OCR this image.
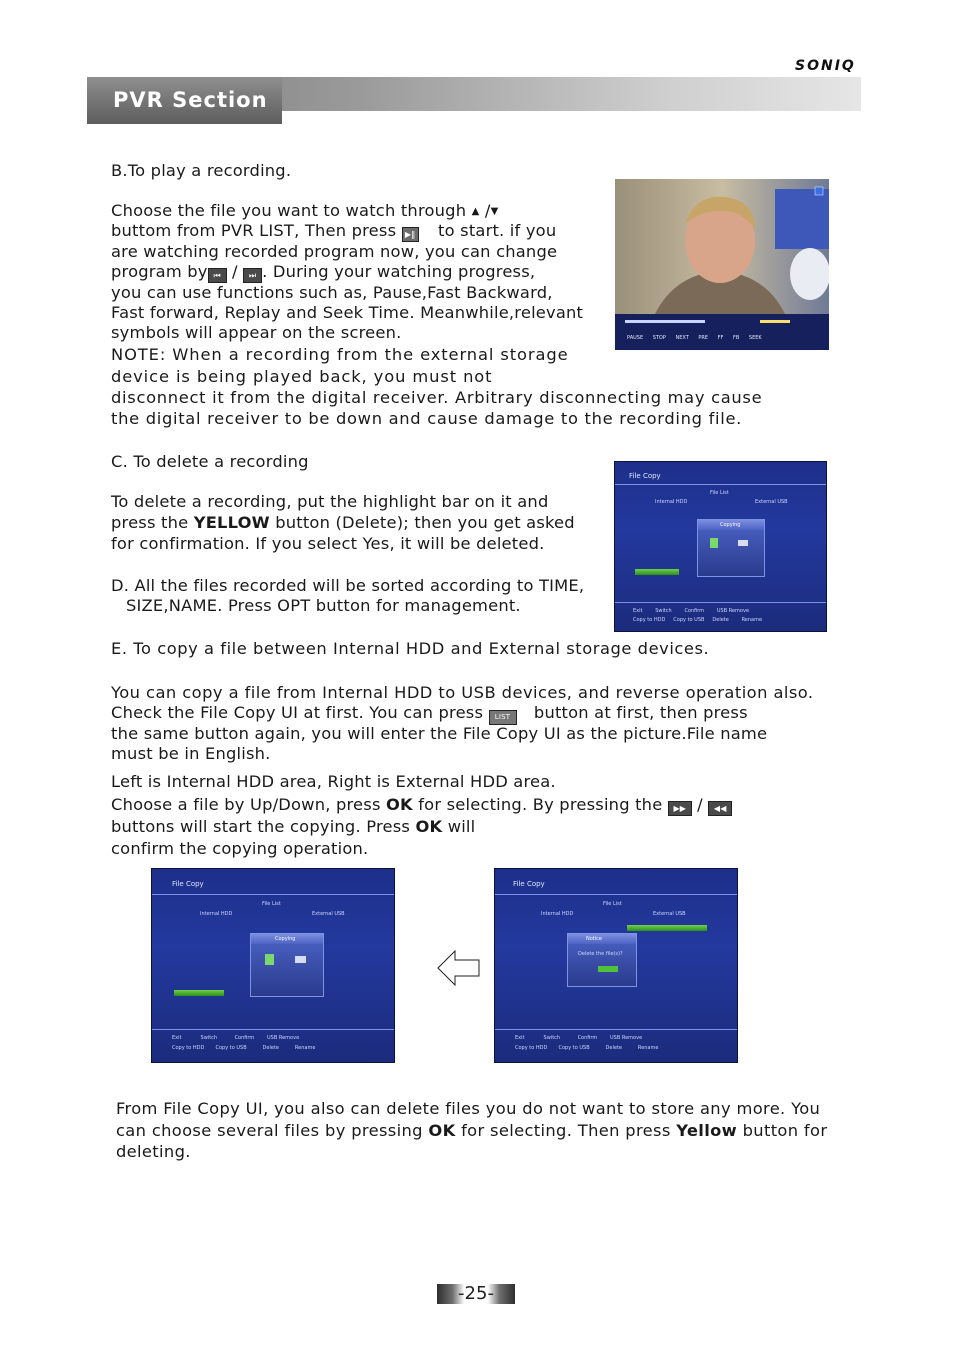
SONIQ
PVR Section
B.To play a recording.
Choose the file you want to watch through ▲ /▼
buttom from PVR LIST, Then press ▶‖ to start. if you
are watching recorded program now, you can change
program by ⏮ / ⏭ . During your watching progress,
you can use functions such as, Pause,Fast Backward,
Fast forward, Replay and Seek Time. Meanwhile,relevant
symbols will appear on the screen.
NOTE: When a recording from the external storage
device is being played back, you must not
disconnect it from the digital receiver. Arbitrary disconnecting may cause
the digital receiver to be down and cause damage to the recording file.
PAUSE STOP NEXT PRE FF FB SEEK
C. To delete a recording
To delete a recording, put the highlight bar on it and
press the YELLOW button (Delete); then you get asked
for confirmation. If you select Yes, it will be deleted.
D. All the files recorded will be sorted according to TIME,
SIZE,NAME. Press OPT button for management.
File Copy
File List
Internal HDD	External USB
Copying
Exit	Switch	Confirm	USB Remove
Copy to HDD Copy to USB Delete	Rename
E. To copy a file between Internal HDD and External storage devices.
You can copy a file from Internal HDD to USB devices, and reverse operation also.
Check the File Copy UI at first. You can press LIST button at first, then press
the same button again, you will enter the File Copy UI as the picture.File name
must be in English.
Left is Internal HDD area, Right is External HDD area.
Choose a file by Up/Down, press OK for selecting. By pressing the ▶▶ / ◀◀
buttons will start the copying. Press OK will
confirm the copying operation.
File Copy
File List
Internal HDD	External USB
Copying
Exit	Switch	Confirm	USB Remove
Copy to HDD Copy to USB	Delete	Rename
File Copy
File List
Internal HDD	External USB
Notice
Delete the file(s)?
Exit	Switch	Confirm	USB Remove
Copy to HDD Copy to USB	Delete	Rename
From File Copy UI, you also can delete files you do not want to store any more. You
can choose several files by pressing OK for selecting. Then press Yellow button for
deleting.
-25-
